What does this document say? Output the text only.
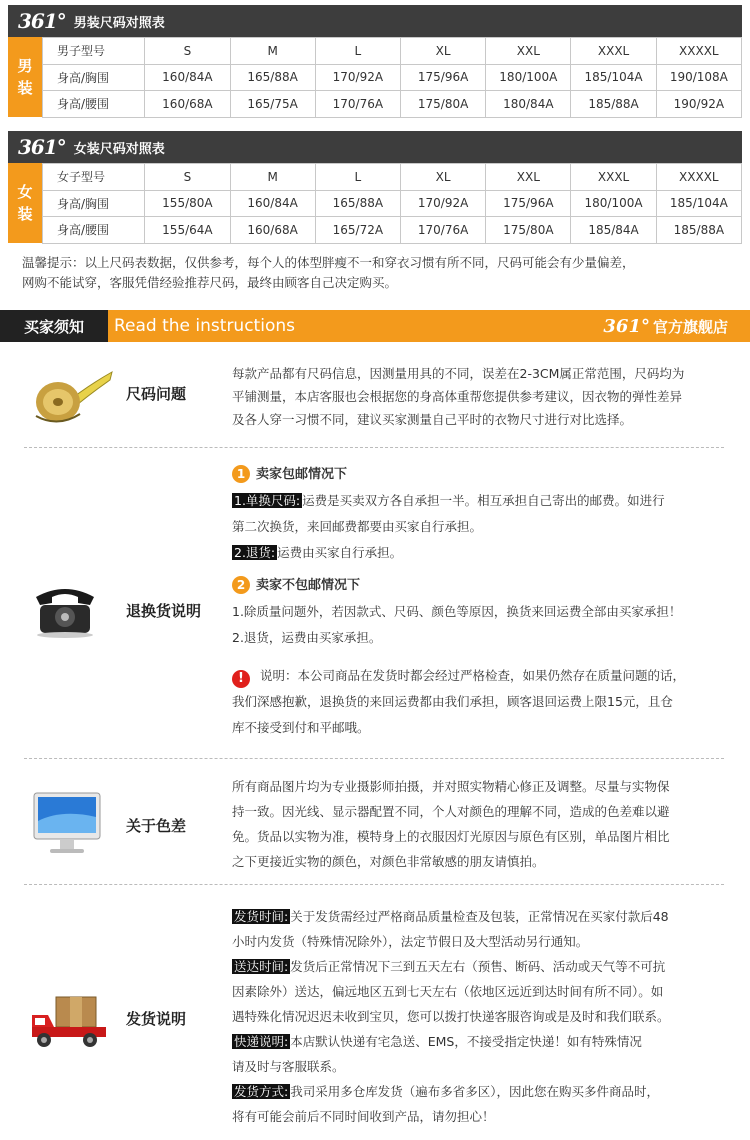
361° 男装尺码对照表
男
装
男子型号	S	M	L	XL	XXL	XXXL	XXXXL
身高/胸围	160/84A	165/88A	170/92A	175/96A	180/100A	185/104A	190/108A
身高/腰围	160/68A	165/75A	170/76A	175/80A	180/84A	185/88A	190/92A
361° 女装尺码对照表
女
装
女子型号	S	M	L	XL	XXL	XXXL	XXXXL
身高/胸围	155/80A	160/84A	165/88A	170/92A	175/96A	180/100A	185/104A
身高/腰围	155/64A	160/68A	165/72A	170/76A	175/80A	185/84A	185/88A
温馨提示：以上尺码表数据，仅供参考，每个人的体型胖瘦不一和穿衣习惯有所不同，尺码可能会有少量偏差，
网购不能试穿，客服凭借经验推荐尺码，最终由顾客自己决定购买。
买家须知	Read the instructions	361° 官方旗舰店
尺码问题
每款产品都有尺码信息，因测量用具的不同，误差在2-3CM属正常范围，尺码均为
平铺测量，本店客服也会根据您的身高体重帮您提供参考建议，因衣物的弹性差异
及各人穿一习惯不同，建议买家测量自己平时的衣物尺寸进行对比选择。
退换货说明
1 卖家包邮情况下
1.单换尺码: 运费是买卖双方各自承担一半。相互承担自己寄出的邮费。如进行
第二次换货，来回邮费都要由买家自行承担。
2.退货: 运费由买家自行承担。
2 卖家不包邮情况下
1.除质量问题外，若因款式、尺码、颜色等原因，换货来回运费全部由买家承担！
2.退货，运费由买家承担。
! 说明：本公司商品在发货时都会经过严格检查，如果仍然存在质量问题的话，
我们深感抱歉，退换货的来回运费都由我们承担，顾客退回运费上限15元，且仓
库不接受到付和平邮哦。
关于色差
所有商品图片均为专业摄影师拍摄，并对照实物精心修正及调整。尽量与实物保
持一致。因光线、显示器配置不同，个人对颜色的理解不同，造成的色差难以避
免。货品以实物为准，模特身上的衣服因灯光原因与原色有区别，单品图片相比
之下更接近实物的颜色，对颜色非常敏感的朋友请慎拍。
发货说明
发货时间: 关于发货需经过严格商品质量检查及包装，正常情况在买家付款后48
小时内发货（特殊情况除外），法定节假日及大型活动另行通知。
送达时间: 发货后正常情况下三到五天左右（预售、断码、活动或天气等不可抗
因素除外）送达，偏远地区五到七天左右（依地区远近到达时间有所不同）。如
遇特殊化情况迟迟未收到宝贝，您可以拨打快递客服咨询或是及时和我们联系。
快递说明: 本店默认快递有宅急送、EMS，不接受指定快递！如有特殊情况
请及时与客服联系。
发货方式: 我司采用多仓库发货（遍布多省多区），因此您在购买多件商品时，
将有可能会前后不同时间收到产品，请勿担心！
